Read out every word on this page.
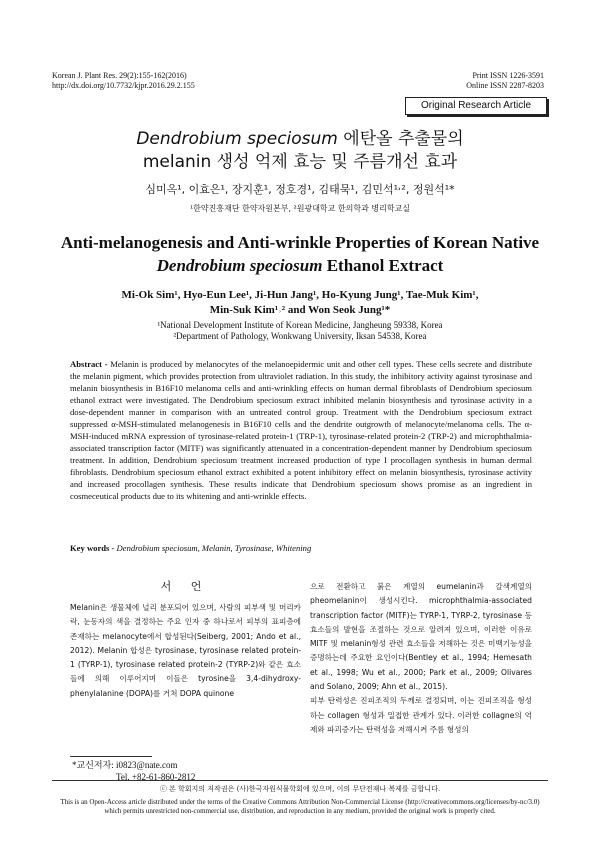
Korean J. Plant Res. 29(2):155-162(2016)
http://dx.doi.org/10.7732/kjpr.2016.29.2.155
Print ISSN 1226-3591
Online ISSN 2287-8203
Original Research Article
Dendrobium speciosum 에탄올 추출물의
melanin 생성 억제 효능 및 주름개선 효과
심미옥¹, 이효은¹, 장지훈¹, 정호경¹, 김태묵¹, 김민석¹˒², 정원석¹*
¹한약진흥재단 한약자원본부, ²원광대학교 한의학과 병리학교실
Anti-melanogenesis and Anti-wrinkle Properties of Korean Native
Dendrobium speciosum Ethanol Extract
Mi-Ok Sim¹, Hyo-Eun Lee¹, Ji-Hun Jang¹, Ho-Kyung Jung¹, Tae-Muk Kim¹,
Min-Suk Kim¹˒² and Won Seok Jung¹*
¹National Development Institute of Korean Medicine, Jangheung 59338, Korea
²Department of Pathology, Wonkwang University, Iksan 54538, Korea
Abstract - Melanin is produced by melanocytes of the melanoepidermic unit and other cell types. These cells secrete and distribute the melanin pigment, which provides protection from ultraviolet radiation. In this study, the inhibitory activity against tyrosinase and melanin biosynthesis in B16F10 melanoma cells and anti-wrinkling effects on human dermal fibroblasts of Dendrobium speciosum ethanol extract were investigated. The Dendrobium speciosum extract inhibited melanin biosynthesis and tyrosinase activity in a dose-dependent manner in comparison with an untreated control group. Treatment with the Dendrobium speciosum extract suppressed α-MSH-stimulated melanogenesis in B16F10 cells and the dendrite outgrowth of melanocyte/melanoma cells. The α-MSH-induced mRNA expression of tyrosinase-related protein-1 (TRP-1), tyrosinase-related protein-2 (TRP-2) and microphthalmia-associated transcription factor (MITF) was significantly attenuated in a concentration-dependent manner by Dendrobium speciosum treatment. In addition, Dendrobium speciosum treatment increased production of type I procollagen synthesis in human dermal fibroblasts. Dendrobium speciosum ethanol extract exhibited a potent inhibitory effect on melanin biosynthesis, tyrosinase activity and increased procollagen synthesis. These results indicate that Dendrobium speciosum shows promise as an ingredient in cosmeceutical products due to its whitening and anti-wrinkle effects.
Key words - Dendrobium speciosum, Melanin, Tyrosinase, Whitening
서 언
Melanin은 생물체에 널리 분포되어 있으며, 사람의 피부색 및 머리카락, 눈동자의 색을 결정하는 주요 인자 중 하나로서 피부의 표피층에 존재하는 melanocyte에서 합성된다(Seiberg, 2001; Ando et al., 2012). Melanin 합성은 tyrosinase, tyrosinase related protein-1 (TYRP-1), tyrosinase related protein-2 (TYRP-2)와 같은 효소들에 의해 이루어지며 이들은 tyrosine을 3,4-dihydroxy-phenylalanine (DOPA)를 거쳐 DOPA quinone
으로 전환하고 붉은 계열의 eumelanin과 갈색계열의 pheomelanin이 생성시킨다. microphthalmia-associated transcription factor (MITF)는 TYRP-1, TYRP-2, tyrosinase 등 효소들의 발현을 조절하는 것으로 알려져 있으며, 이러한 이유로 MITF 및 melanin형성 관련 효소들을 저해하는 것은 미백기능성을 증명하는데 주요한 요인이다(Bentley et al., 1994; Hemesath et al., 1998; Wu et al., 2000; Park et al., 2009; Olivares and Solano, 2009; Ahn et al., 2015).
피부 탄력성은 진피조직의 두께로 결정되며, 이는 진피조직을 형성하는 collagen 형성과 밀접한 관계가 있다. 이러한 collagne의 억제와 파괴증가는 탄력성을 저해시켜 주름 형성의
*교신저자: i0823@nate.com
Tel. +82-61-860-2812
ⓒ 본 학회지의 저작권은 (사)한국자원식물학회에 있으며, 이의 무단전재나 복제를 금합니다.
This is an Open-Access article distributed under the terms of the Creative Commons Attribution Non-Commercial License (http://creativecommons.org/licenses/by-nc/3.0)
which permits unrestricted non-commercial use, distribution, and reproduction in any medium, provided the original work is properly cited.
